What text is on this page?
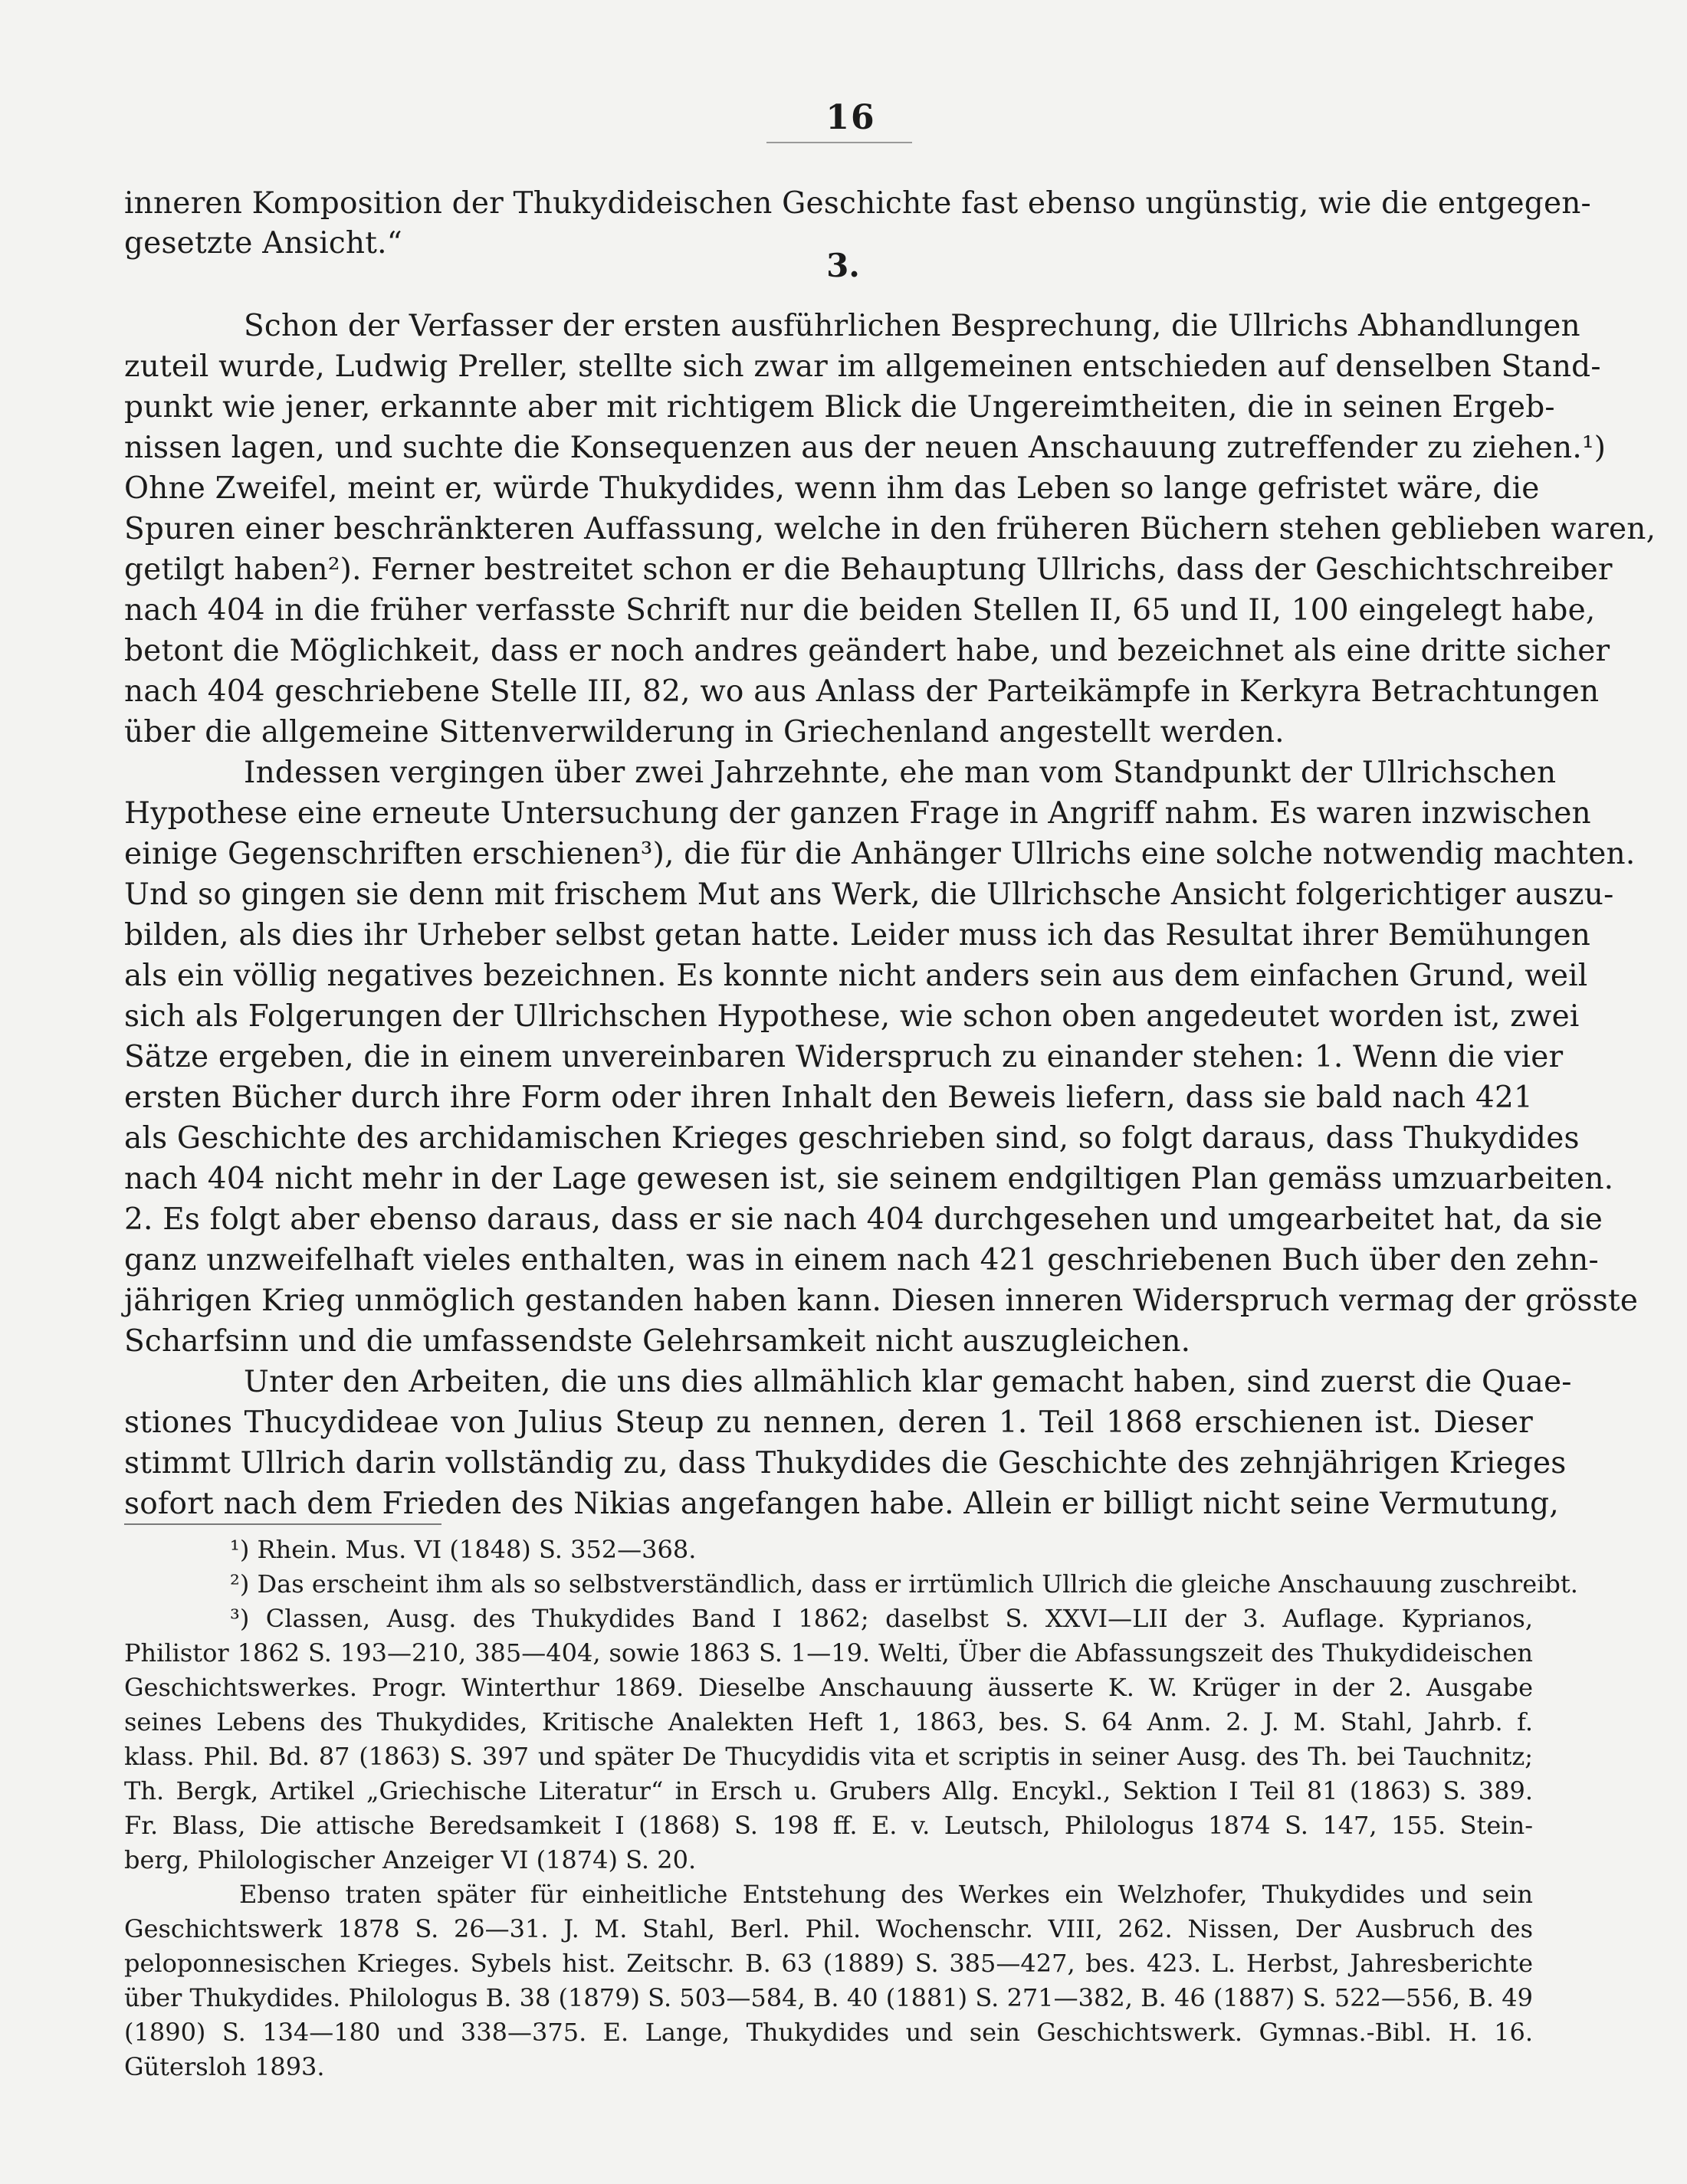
16
inneren Komposition der Thukydideischen Geschichte fast ebenso ungünstig, wie die entgegen-
gesetzte Ansicht.“
3.
Schon der Verfasser der ersten ausführlichen Besprechung, die Ullrichs Abhandlungen
zuteil wurde, Ludwig Preller, stellte sich zwar im allgemeinen entschieden auf denselben Stand-
punkt wie jener, erkannte aber mit richtigem Blick die Ungereimtheiten, die in seinen Ergeb-
nissen lagen, und suchte die Konsequenzen aus der neuen Anschauung zutreffender zu ziehen.¹)
Ohne Zweifel, meint er, würde Thukydides, wenn ihm das Leben so lange gefristet wäre, die
Spuren einer beschränkteren Auffassung, welche in den früheren Büchern stehen geblieben waren,
getilgt haben²). Ferner bestreitet schon er die Behauptung Ullrichs, dass der Geschichtschreiber
nach 404 in die früher verfasste Schrift nur die beiden Stellen II, 65 und II, 100 eingelegt habe,
betont die Möglichkeit, dass er noch andres geändert habe, und bezeichnet als eine dritte sicher
nach 404 geschriebene Stelle III, 82, wo aus Anlass der Parteikämpfe in Kerkyra Betrachtungen
über die allgemeine Sittenverwilderung in Griechenland angestellt werden.
Indessen vergingen über zwei Jahrzehnte, ehe man vom Standpunkt der Ullrichschen
Hypothese eine erneute Untersuchung der ganzen Frage in Angriff nahm. Es waren inzwischen
einige Gegenschriften erschienen³), die für die Anhänger Ullrichs eine solche notwendig machten.
Und so gingen sie denn mit frischem Mut ans Werk, die Ullrichsche Ansicht folgerichtiger auszu-
bilden, als dies ihr Urheber selbst getan hatte. Leider muss ich das Resultat ihrer Bemühungen
als ein völlig negatives bezeichnen. Es konnte nicht anders sein aus dem einfachen Grund, weil
sich als Folgerungen der Ullrichschen Hypothese, wie schon oben angedeutet worden ist, zwei
Sätze ergeben, die in einem unvereinbaren Widerspruch zu einander stehen: 1. Wenn die vier
ersten Bücher durch ihre Form oder ihren Inhalt den Beweis liefern, dass sie bald nach 421
als Geschichte des archidamischen Krieges geschrieben sind, so folgt daraus, dass Thukydides
nach 404 nicht mehr in der Lage gewesen ist, sie seinem endgiltigen Plan gemäss umzuarbeiten.
2. Es folgt aber ebenso daraus, dass er sie nach 404 durchgesehen und umgearbeitet hat, da sie
ganz unzweifelhaft vieles enthalten, was in einem nach 421 geschriebenen Buch über den zehn-
jährigen Krieg unmöglich gestanden haben kann. Diesen inneren Widerspruch vermag der grösste
Scharfsinn und die umfassendste Gelehrsamkeit nicht auszugleichen.
Unter den Arbeiten, die uns dies allmählich klar gemacht haben, sind zuerst die Quae-
stiones Thucydideae von Julius Steup zu nennen, deren 1. Teil 1868 erschienen ist. Dieser
stimmt Ullrich darin vollständig zu, dass Thukydides die Geschichte des zehnjährigen Krieges
sofort nach dem Frieden des Nikias angefangen habe. Allein er billigt nicht seine Vermutung,
¹) Rhein. Mus. VI (1848) S. 352—368.
²) Das erscheint ihm als so selbstverständlich, dass er irrtümlich Ullrich die gleiche Anschauung zuschreibt.
³) Classen, Ausg. des Thukydides Band I 1862; daselbst S. XXVI—LII der 3. Auflage. Kyprianos,
Philistor 1862 S. 193—210, 385—404, sowie 1863 S. 1—19. Welti, Über die Abfassungszeit des Thukydideischen
Geschichtswerkes. Progr. Winterthur 1869. Dieselbe Anschauung äusserte K. W. Krüger in der 2. Ausgabe
seines Lebens des Thukydides, Kritische Analekten Heft 1, 1863, bes. S. 64 Anm. 2. J. M. Stahl, Jahrb. f.
klass. Phil. Bd. 87 (1863) S. 397 und später De Thucydidis vita et scriptis in seiner Ausg. des Th. bei Tauchnitz;
Th. Bergk, Artikel „Griechische Literatur“ in Ersch u. Grubers Allg. Encykl., Sektion I Teil 81 (1863) S. 389.
Fr. Blass, Die attische Beredsamkeit I (1868) S. 198 ff. E. v. Leutsch, Philologus 1874 S. 147, 155. Stein-
berg, Philologischer Anzeiger VI (1874) S. 20.
Ebenso traten später für einheitliche Entstehung des Werkes ein Welzhofer, Thukydides und sein
Geschichtswerk 1878 S. 26—31. J. M. Stahl, Berl. Phil. Wochenschr. VIII, 262. Nissen, Der Ausbruch des
peloponnesischen Krieges. Sybels hist. Zeitschr. B. 63 (1889) S. 385—427, bes. 423. L. Herbst, Jahresberichte
über Thukydides. Philologus B. 38 (1879) S. 503—584, B. 40 (1881) S. 271—382, B. 46 (1887) S. 522—556, B. 49
(1890) S. 134—180 und 338—375. E. Lange, Thukydides und sein Geschichtswerk. Gymnas.-Bibl. H. 16.
Gütersloh 1893.
